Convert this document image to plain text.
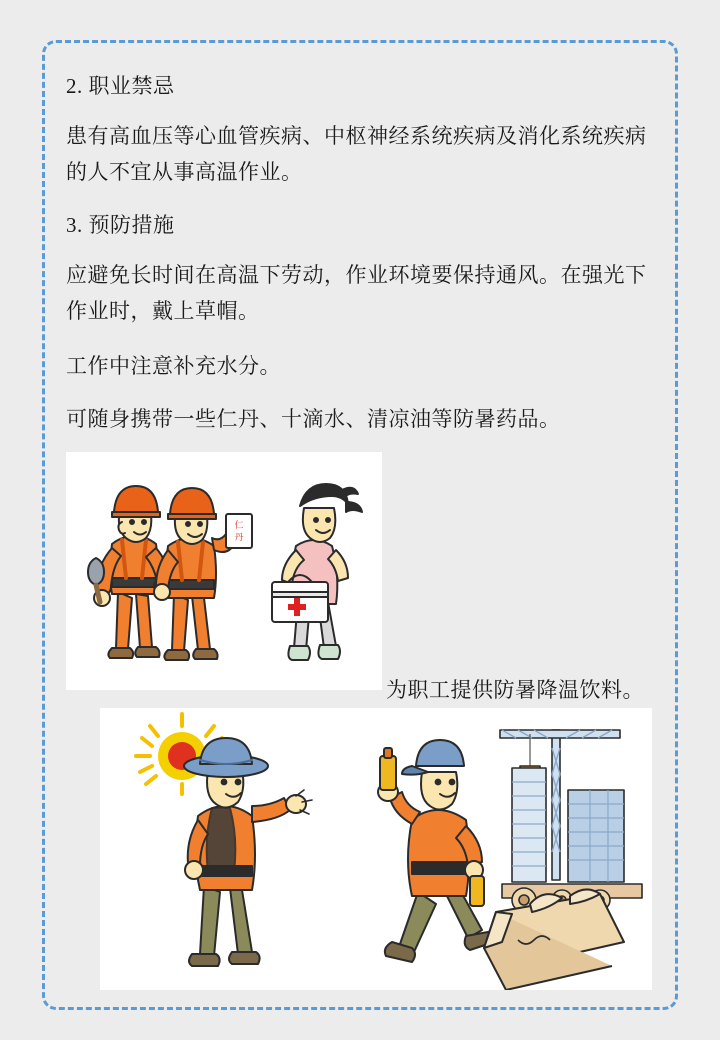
2. 职业禁忌

患有高血压等心血管疾病、中枢神经系统疾病及消化系统疾病的人不宜从事高温作业。

3. 预防措施

应避免长时间在高温下劳动，作业环境要保持通风。在强光下作业时，戴上草帽。

工作中注意补充水分。

可随身携带一些仁丹、十滴水、清凉油等防暑药品。

仁
丹
为职工提供防暑降温饮料。
